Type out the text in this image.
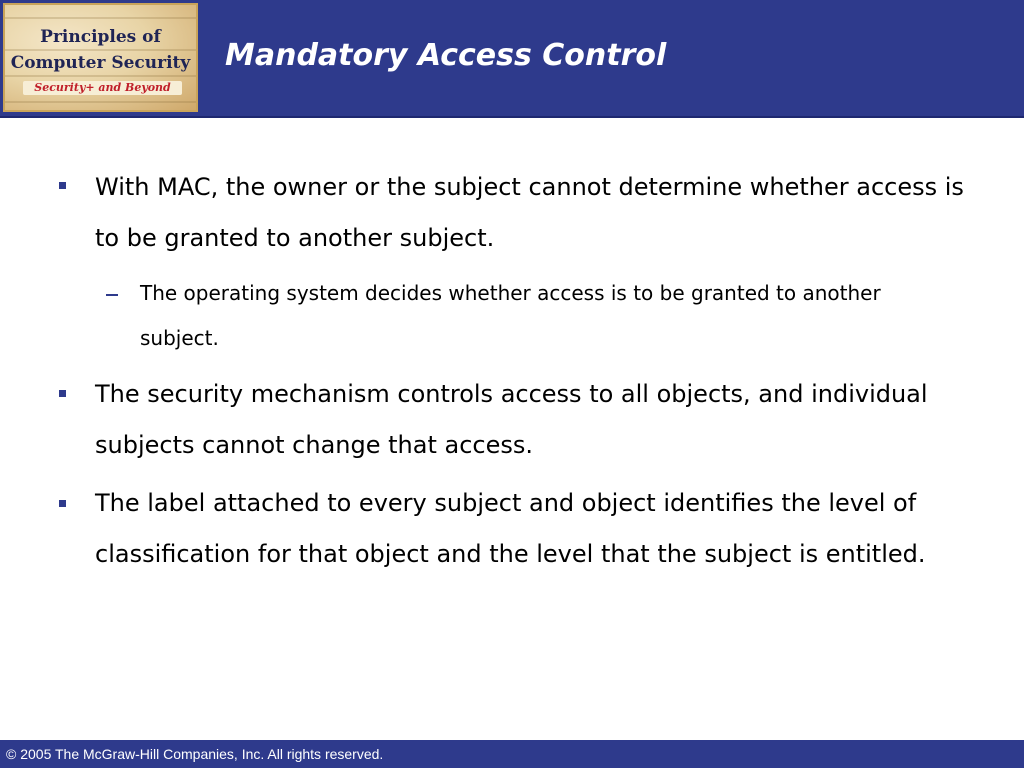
Principles of
Computer Security
Security+ and Beyond
Mandatory Access Control
With MAC, the owner or the subject cannot determine whether access is to be granted to another subject.
The operating system decides whether access is to be granted to another subject.
The security mechanism controls access to all objects, and individual subjects cannot change that access.
The label attached to every subject and object identifies the level of classification for that object and the level that the subject is entitled.
© 2005 The McGraw-Hill Companies, Inc. All rights reserved.
